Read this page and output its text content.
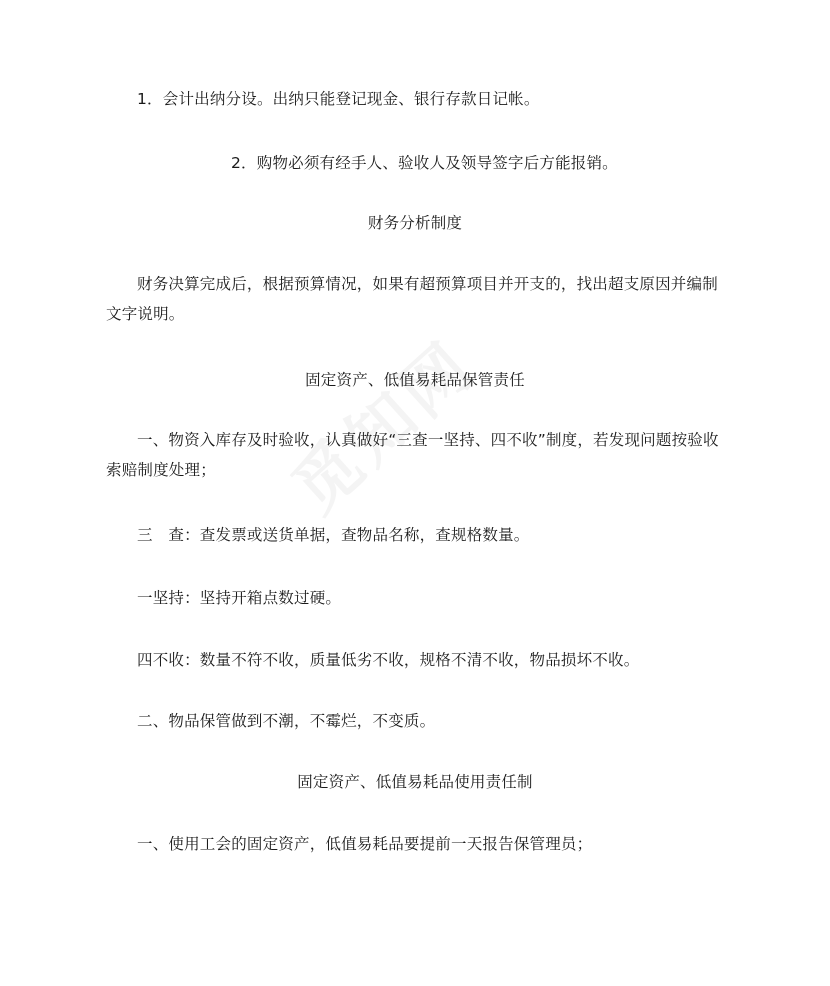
1．会计出纳分设。出纳只能登记现金、银行存款日记帐。
2．购物必须有经手人、验收人及领导签字后方能报销。
财务分析制度
财务决算完成后，根据预算情况，如果有超预算项目并开支的，找出超支原因并编制文字说明。
固定资产、低值易耗品保管责任
一、物资入库存及时验收，认真做好“三查一坚持、四不收”制度，若发现问题按验收索赔制度处理；
三　查：查发票或送货单据，查物品名称，查规格数量。
一坚持：坚持开箱点数过硬。
四不收：数量不符不收，质量低劣不收，规格不清不收，物品损坏不收。
二、物品保管做到不潮，不霉烂，不变质。
固定资产、低值易耗品使用责任制
一、使用工会的固定资产，低值易耗品要提前一天报告保管理员；
